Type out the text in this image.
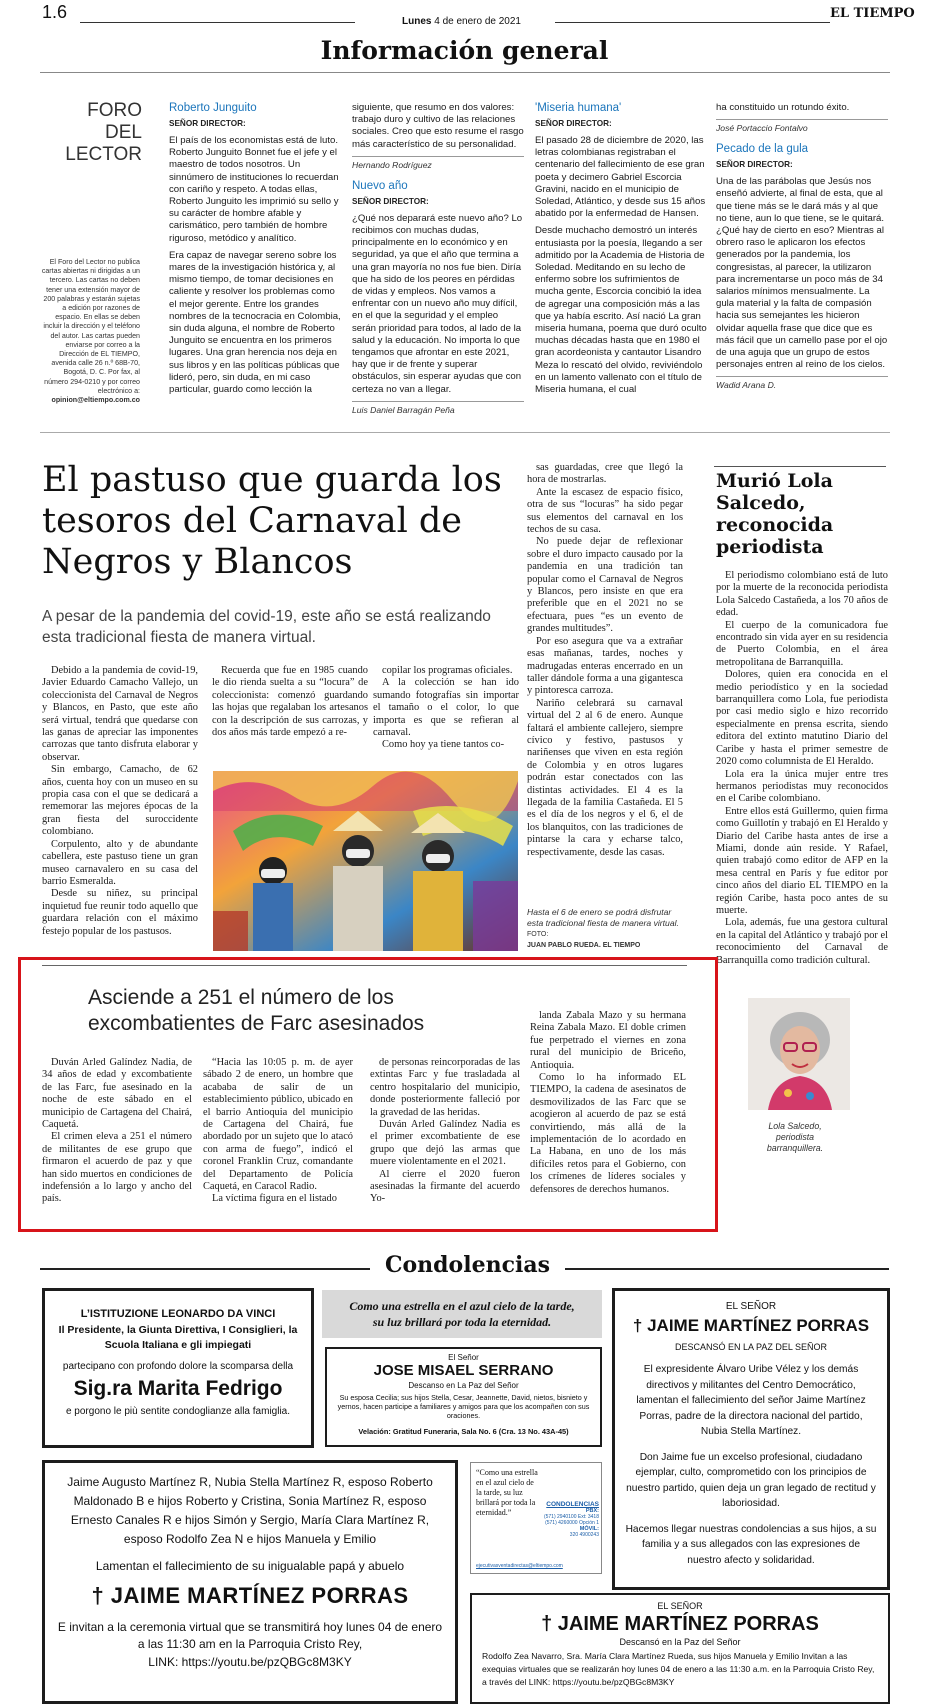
1.6	Lunes 4 de enero de 2021
EL TIEMPO
Información general
FORO DEL LECTOR
El Foro del Lector no publica cartas abiertas ni dirigidas a un tercero. Las cartas no deben tener una extensión mayor de 200 palabras y estarán sujetas a edición por razones de espacio. En ellas se deben incluir la dirección y el teléfono del autor. Las cartas pueden enviarse por correo a la Dirección de EL TIEMPO, avenida calle 26 n.º 68B-70, Bogotá, D. C. Por fax, al número 294-0210 y por correo electrónico a: opinion@eltiempo.com.co
Roberto Junguito
SEÑOR DIRECTOR:

El país de los economistas está de luto. Roberto Junguito Bonnet fue el jefe y el maestro de todos nosotros. Un sinnúmero de instituciones lo recuerdan con cariño y respeto. A todas ellas, Roberto Junguito les imprimió su sello y su carácter de hombre afable y carismático, pero también de hombre riguroso, metódico y analítico.

Era capaz de navegar sereno sobre los mares de la investigación histórica y, al mismo tiempo, de tomar decisiones en caliente y resolver los problemas como el mejor gerente. Entre los grandes nombres de la tecnocracia en Colombia, sin duda alguna, el nombre de Roberto Junguito se encuentra en los primeros lugares. Una gran herencia nos deja en sus libros y en las políticas públicas que lideró, pero, sin duda, en mi caso particular, guardo como lección la

siguiente, que resumo en dos valores: trabajo duro y cultivo de las relaciones sociales. Creo que esto resume el rasgo más característico de su personalidad.

Hernando Rodríguez
Nuevo año
SEÑOR DIRECTOR:

¿Qué nos deparará este nuevo año? Lo recibimos con muchas dudas, principalmente en lo económico y en seguridad, ya que el año que termina a una gran mayoría no nos fue bien. Diría que ha sido de los peores en pérdidas de vidas y empleos. Nos vamos a enfrentar con un nuevo año muy difícil, en el que la seguridad y el empleo serán prioridad para todos, al lado de la salud y la educación. No importa lo que tengamos que afrontar en este 2021, hay que ir de frente y superar obstáculos, sin esperar ayudas que con certeza no van a llegar.

Luis Daniel Barragán Peña
'Miseria humana'
SEÑOR DIRECTOR:

El pasado 28 de diciembre de 2020, las letras colombianas registraban el centenario del fallecimiento de ese gran poeta y decimero Gabriel Escorcia Gravini, nacido en el municipio de Soledad, Atlántico, y desde sus 15 años abatido por la enfermedad de Hansen.

Desde muchacho demostró un interés entusiasta por la poesía, llegando a ser admitido por la Academia de Historia de Soledad. Meditando en su lecho de enfermo sobre los sufrimientos de mucha gente, Escorcia concibió la idea de agregar una composición más a las que ya había escrito. Así nació La gran miseria humana, poema que duró oculto muchas décadas hasta que en 1980 el gran acordeonista y cantautor Lisandro Meza lo rescató del olvido, reviviéndolo en un lamento vallenato con el título de Miseria humana, el cual

ha constituido un rotundo éxito.

José Portaccio Fontalvo
Pecado de la gula
SEÑOR DIRECTOR:

Una de las parábolas que Jesús nos enseñó advierte, al final de esta, que al que tiene más se le dará más y al que no tiene, aun lo que tiene, se le quitará. ¿Qué hay de cierto en eso? Mientras al obrero raso le aplicaron los efectos generados por la pandemia, los congresistas, al parecer, la utilizaron para incrementarse un poco más de 34 salarios mínimos mensualmente. La gula material y la falta de compasión hacia sus semejantes les hicieron olvidar aquella frase que dice que es más fácil que un camello pase por el ojo de una aguja que un grupo de estos personajes entren al reino de los cielos.

Wadid Arana D.
El pastuso que guarda los tesoros del Carnaval de Negros y Blancos
A pesar de la pandemia del covid-19, este año se está realizando esta tradicional fiesta de manera virtual.

Debido a la pandemia de covid-19, Javier Eduardo Camacho Vallejo, un coleccionista del Carnaval de Negros y Blancos, en Pasto, que este año será virtual, tendrá que quedarse con las ganas de apreciar las imponentes carrozas que tanto disfruta elaborar y observar.

Sin embargo, Camacho, de 62 años, cuenta hoy con un museo en su propia casa con el que se dedicará a rememorar las mejores épocas de la gran fiesta del suroccidente colombiano.

Corpulento, alto y de abundante cabellera, este pastuso tiene un gran museo carnavalero en su casa del barrio Esmeralda.

Desde su niñez, su principal inquietud fue reunir todo aquello que guardara relación con el máximo festejo popular de los pastusos.

Recuerda que fue en 1985 cuando le dio rienda suelta a su “locura” de coleccionista: comenzó guardando las hojas que regalaban los artesanos con la descripción de sus carrozas, y dos años más tarde empezó a re-

copilar los programas oficiales.

A la colección se han ido sumando fotografías sin importar el tamaño o el color, lo que importa es que se refieran al carnaval.

Como hoy ya tiene tantos co-

sas guardadas, cree que llegó la hora de mostrarlas.

Ante la escasez de espacio físico, otra de sus “locuras” ha sido pegar sus elementos del carnaval en los techos de su casa.

No puede dejar de reflexionar sobre el duro impacto causado por la pandemia en una tradición tan popular como el Carnaval de Negros y Blancos, pero insiste en que era preferible que en el 2021 no se efectuara, pues “es un evento de grandes multitudes”.

Por eso asegura que va a extrañar esas mañanas, tardes, noches y madrugadas enteras encerrado en un taller dándole forma a una gigantesca y pintoresca carroza.

Nariño celebrará su carnaval virtual del 2 al 6 de enero. Aunque faltará el ambiente callejero, siempre cívico y festivo, pastusos y nariñenses que viven en esta región de Colombia y en otros lugares podrán estar conectados con las distintas actividades. El 4 es la llegada de la familia Castañeda. El 5 es el día de los negros y el 6, el de los blanquitos, con las tradiciones de pintarse la cara y echarse talco, respectivamente, desde las casas.

Hasta el 6 de enero se podrá disfrutar esta tradicional fiesta de manera virtual. FOTO:
JUAN PABLO RUEDA. EL TIEMPO
Murió Lola Salcedo, reconocida periodista

El periodismo colombiano está de luto por la muerte de la reconocida periodista Lola Salcedo Castañeda, a los 70 años de edad.

El cuerpo de la comunicadora fue encontrado sin vida ayer en su residencia de Puerto Colombia, en el área metropolitana de Barranquilla.

Dolores, quien era conocida en el medio periodístico y en la sociedad barranquillera como Lola, fue periodista por casi medio siglo e hizo recorrido especialmente en prensa escrita, siendo editora del extinto matutino Diario del Caribe y hasta el primer semestre de 2020 como columnista de El Heraldo.

Lola era la única mujer entre tres hermanos periodistas muy reconocidos en el Caribe colombiano.

Entre ellos está Guillermo, quien firma como Guillotín y trabajó en El Heraldo y Diario del Caribe hasta antes de irse a Miami, donde aún reside. Y Rafael, quien trabajó como editor de AFP en la mesa central en París y fue editor por cinco años del diario EL TIEMPO en la región Caribe, hasta poco antes de su muerte.

Lola, además, fue una gestora cultural en la capital del Atlántico y trabajó por el reconocimiento del Carnaval de Barranquilla como tradición cultural.

Lola Salcedo, periodista barranquillera.
Asciende a 251 el número de los excombatientes de Farc asesinados

Duván Arled Galíndez Nadia, de 34 años de edad y excombatiente de las Farc, fue asesinado en la noche de este sábado en el municipio de Cartagena del Chairá, Caquetá.

El crimen eleva a 251 el número de militantes de ese grupo que firmaron el acuerdo de paz y que han sido muertos en condiciones de indefensión a lo largo y ancho del país.

“Hacia las 10:05 p. m. de ayer sábado 2 de enero, un hombre que acababa de salir de un establecimiento público, ubicado en el barrio Antioquia del municipio de Cartagena del Chairá, fue abordado por un sujeto que lo atacó con arma de fuego”, indicó el coronel Franklin Cruz, comandante del Departamento de Policía Caquetá, en Caracol Radio.

La víctima figura en el listado

de personas reincorporadas de las extintas Farc y fue trasladada al centro hospitalario del municipio, donde posteriormente falleció por la gravedad de las heridas.

Duván Arled Galíndez Nadia es el primer excombatiente de ese grupo que dejó las armas que muere violentamente en el 2021.

Al cierre el 2020 fueron asesinadas la firmante del acuerdo Yo-

landa Zabala Mazo y su hermana Reina Zabala Mazo. El doble crimen fue perpetrado el viernes en zona rural del municipio de Briceño, Antioquia.

Como lo ha informado EL TIEMPO, la cadena de asesinatos de desmovilizados de las Farc que se acogieron al acuerdo de paz se está convirtiendo, más allá de la implementación de lo acordado en La Habana, en uno de los más difíciles retos para el Gobierno, con los crímenes de líderes sociales y defensores de derechos humanos.

Condolencias
L’ISTITUZIONE LEONARDO DA VINCI
Il Presidente, la Giunta Direttiva, I Consiglieri, la Scuola Italiana e gli impiegati
partecipano con profondo dolore la scomparsa della
Sig.ra Marita Fedrigo
e porgono le più sentite condoglianze alla famiglia.
Como una estrella en el azul cielo de la tarde, su luz brillará por toda la eternidad.
El Señor
JOSE MISAEL SERRANO
Descanso en La Paz del Señor
Su esposa Cecilia; sus hijos Stella, Cesar, Jeannette, David, nietos, bisnieto y yernos, hacen participe a familiares y amigos para que los acompañen con sus oraciones.
Velación: Gratitud Funeraria, Sala No. 6 (Cra. 13 No. 43A-45)
EL SEÑOR
† JAIME MARTÍNEZ PORRAS
DESCANSÓ EN LA PAZ DEL SEÑOR
El expresidente Álvaro Uribe Vélez y los demás directivos y militantes del Centro Democrático, lamentan el fallecimiento del señor Jaime Martínez Porras, padre de la directora nacional del partido, Nubia Stella Martínez.
Don Jaime fue un excelso profesional, ciudadano ejemplar, culto, comprometido con los principios de nuestro partido, quien deja un gran legado de rectitud y laboriosidad.
Hacemos llegar nuestras condolencias a sus hijos, a su familia y a sus allegados con las expresiones de nuestro afecto y solidaridad.
Jaime Augusto Martínez R, Nubia Stella Martínez R, esposo Roberto Maldonado B e hijos Roberto y Cristina, Sonia Martínez R, esposo Ernesto Canales R e hijos Simón y Sergio, María Clara Martínez R, esposo Rodolfo Zea N e hijos Manuela y Emilio
Lamentan el fallecimiento de su inigualable papá y abuelo
† JAIME MARTÍNEZ PORRAS
E invitan a la ceremonia virtual que se transmitirá hoy lunes 04 de enero a las 11:30 am en la Parroquia Cristo Rey,
LINK: https://youtu.be/pzQBGc8M3KY
“Como una estrella en el azul cielo de la tarde, su luz brillará por toda la eternidad.”
CONDOLENCIAS
PBX:
(571) 2940100 Ext: 3418
(571) 4260000 Opción 1
MÓVIL:
320 4900243
ejecutivasventadirectas@eltiempo.com
EL SEÑOR
† JAIME MARTÍNEZ PORRAS
Descansó en la Paz del Señor
Rodolfo Zea Navarro, Sra. María Clara Martínez Rueda, sus hijos Manuela y Emilio Invitan a las exequias virtuales que se realizarán hoy lunes 04 de enero a las 11:30 a.m. en la Parroquia Cristo Rey, a través del LINK: https://youtu.be/pzQBGc8M3KY
